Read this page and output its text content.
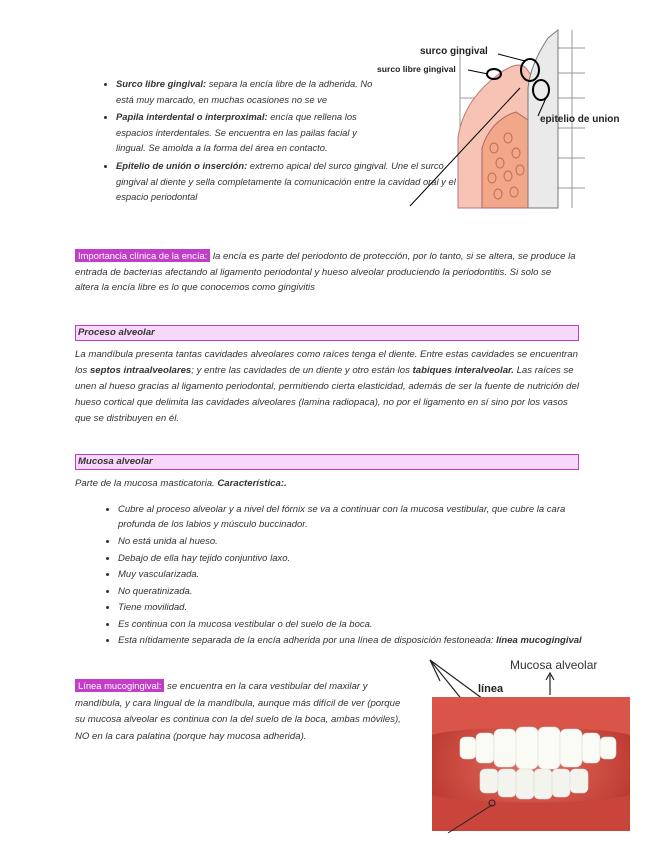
surco gingival
surco libre gingival
epitelio de union
• Surco libre gingival: separa la encía libre de la adherida. No está muy marcado, en muchas ocasiones no se ve
• Papila interdental o interproximal: encía que rellena los espacios interdentales. Se encuentra en las pailas facial y lingual. Se amolda a la forma del área en contacto.
• Epitelio de unión o inserción: extremo apical del surco gingival. Une el surco gingival al diente y sella completamente la comunicación entre la cavidad oral y el espacio periodontal
Importancia clínica de la encía: la encía es parte del periodonto de protección, por lo tanto, si se altera, se produce la entrada de bacterias afectando al ligamento periodontal y hueso alveolar produciendo la periodontitis. Si solo se altera la encía libre es lo que conocemos como gingivitis
Proceso alveolar
La mandíbula presenta tantas cavidades alveolares como raíces tenga el diente. Entre estas cavidades se encuentran los septos intraalveolares; y entre las cavidades de un diente y otro están los tabiques interalveolar. Las raíces se unen al hueso gracias al ligamento periodontal, permitiendo cierta elasticidad, además de ser la fuente de nutrición del hueso cortical que delimita las cavidades alveolares (lamina radiopaca), no por el ligamento en sí sino por los vasos que se distribuyen en él.
Mucosa alveolar
Parte de la mucosa masticatoria. Característica:.
• Cubre al proceso alveolar y a nivel del fórnix se va a continuar con la mucosa vestibular, que cubre la cara profunda de los labios y músculo buccinador.
• No está unida al hueso.
• Debajo de ella hay tejido conjuntivo laxo.
• Muy vascularizada.
• No queratinizada.
• Tiene movilidad.
• Es continua con la mucosa vestibular o del suelo de la boca.
• Esta nítidamente separada de la encía adherida por una línea de disposición festoneada: línea mucogingival
Línea mucogingival: se encuentra en la cara vestibular del maxilar y mandíbula, y cara lingual de la mandíbula, aunque más difícil de ver (porque su mucosa alveolar es continua con la del suelo de la boca, ambas móviles), NO en la cara palatina (porque hay mucosa adherida).
Mucosa alveolar
línea
